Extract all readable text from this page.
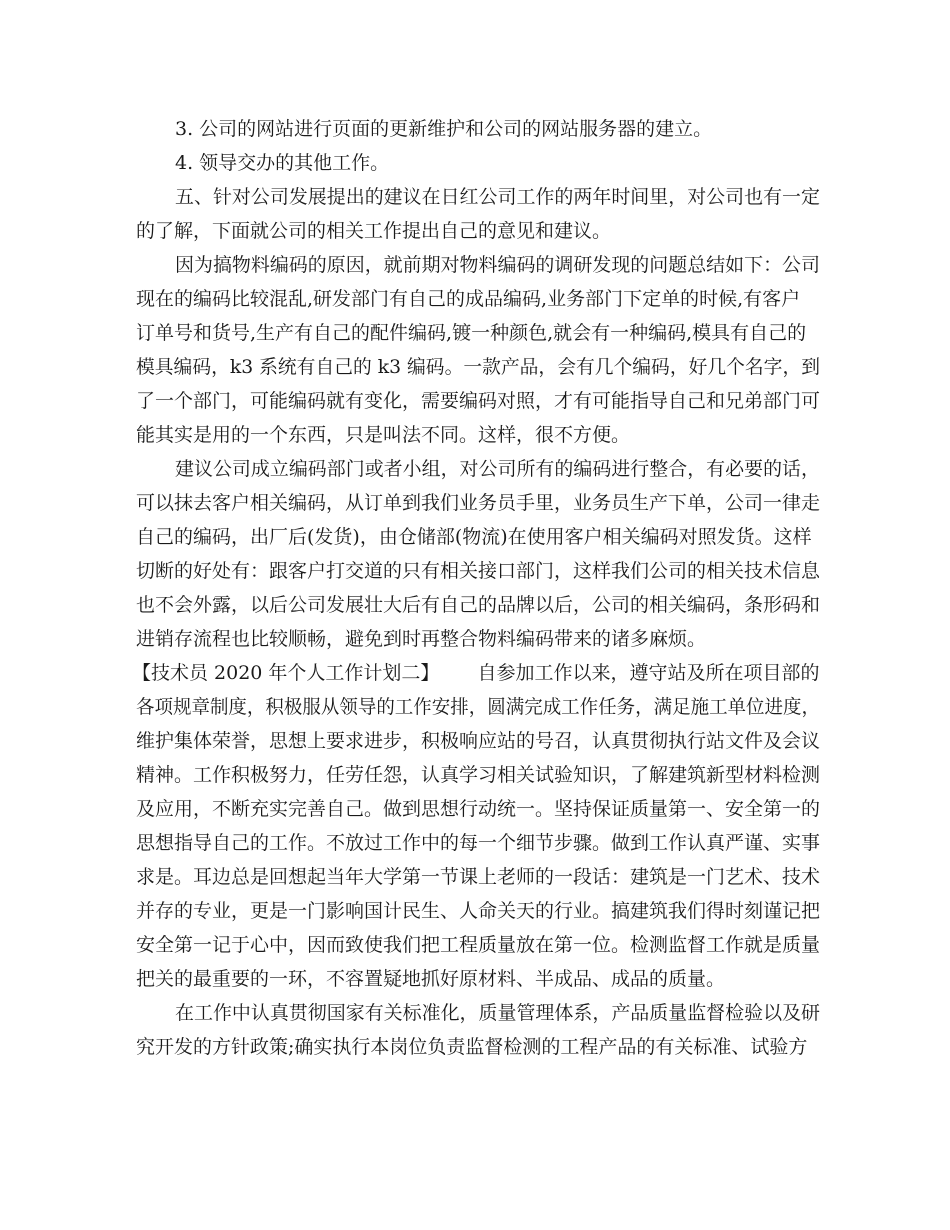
3. 公司的网站进行页面的更新维护和公司的网站服务器的建立。
4. 领导交办的其他工作。
五、针对公司发展提出的建议在日红公司工作的两年时间里，对公司也有一定
的了解，下面就公司的相关工作提出自己的意见和建议。
因为搞物料编码的原因，就前期对物料编码的调研发现的问题总结如下：公司
现在的编码比较混乱,研发部门有自己的成品编码,业务部门下定单的时候,有客户
订单号和货号,生产有自己的配件编码,镀一种颜色,就会有一种编码,模具有自己的
模具编码，k3 系统有自己的 k3 编码。一款产品，会有几个编码，好几个名字，到
了一个部门，可能编码就有变化，需要编码对照，才有可能指导自己和兄弟部门可
能其实是用的一个东西，只是叫法不同。这样，很不方便。
建议公司成立编码部门或者小组，对公司所有的编码进行整合，有必要的话，
可以抹去客户相关编码，从订单到我们业务员手里，业务员生产下单，公司一律走
自己的编码，出厂后(发货)，由仓储部(物流)在使用客户相关编码对照发货。这样
切断的好处有：跟客户打交道的只有相关接口部门，这样我们公司的相关技术信息
也不会外露，以后公司发展壮大后有自己的品牌以后，公司的相关编码，条形码和
进销存流程也比较顺畅，避免到时再整合物料编码带来的诸多麻烦。
【技术员 2020 年个人工作计划二】 自参加工作以来，遵守站及所在项目部的
各项规章制度，积极服从领导的工作安排，圆满完成工作任务，满足施工单位进度，
维护集体荣誉，思想上要求进步，积极响应站的号召，认真贯彻执行站文件及会议
精神。工作积极努力，任劳任怨，认真学习相关试验知识，了解建筑新型材料检测
及应用，不断充实完善自己。做到思想行动统一。坚持保证质量第一、安全第一的
思想指导自己的工作。不放过工作中的每一个细节步骤。做到工作认真严谨、实事
求是。耳边总是回想起当年大学第一节课上老师的一段话：建筑是一门艺术、技术
并存的专业，更是一门影响国计民生、人命关天的行业。搞建筑我们得时刻谨记把
安全第一记于心中，因而致使我们把工程质量放在第一位。检测监督工作就是质量
把关的最重要的一环，不容置疑地抓好原材料、半成品、成品的质量。
在工作中认真贯彻国家有关标准化，质量管理体系，产品质量监督检验以及研
究开发的方针政策;确实执行本岗位负责监督检测的工程产品的有关标准、试验方
